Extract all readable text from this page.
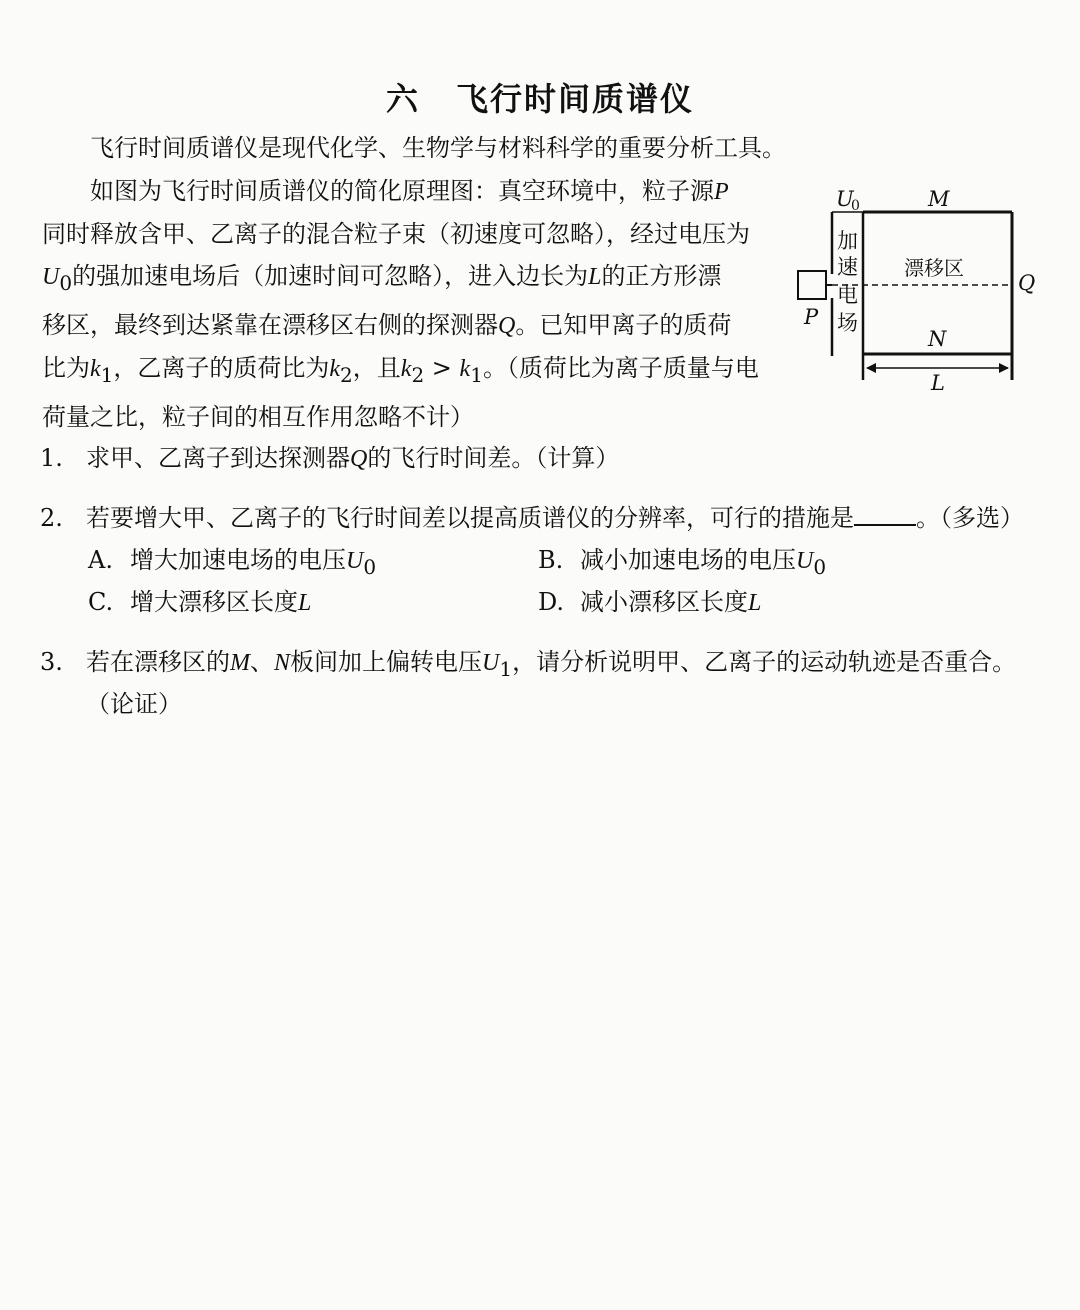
六 飞行时间质谱仪
飞行时间质谱仪是现代化学、生物学与材料科学的重要分析工具。
如图为飞行时间质谱仪的简化原理图：真空环境中，粒子源P
同时释放含甲、乙离子的混合粒子束（初速度可忽略），经过电压为
$U_0$的强加速电场后（加速时间可忽略），进入边长为L的正方形漂
移区，最终到达紧靠在漂移区右侧的探测器Q。已知甲离子的质荷
比为$k_1$，乙离子的质荷比为$k_2$，且$k_2 > k_1$。（质荷比为离子质量与电
荷量之比，粒子间的相互作用忽略不计）
U
0	M
加
速
电
场
P
漂移区
N
Q
L
1. 求甲、乙离子到达探测器Q的飞行时间差。（计算）
2. 若要增大甲、乙离子的飞行时间差以提高质谱仪的分辨率，可行的措施是	。（多选）
A. 增大加速电场的电压$U_0$	B. 减小加速电场的电压$U_0$
C. 增大漂移区长度L	D. 减小漂移区长度L
3. 若在漂移区的M、N板间加上偏转电压$U_1$，请分析说明甲、乙离子的运动轨迹是否重合。
（论证）
